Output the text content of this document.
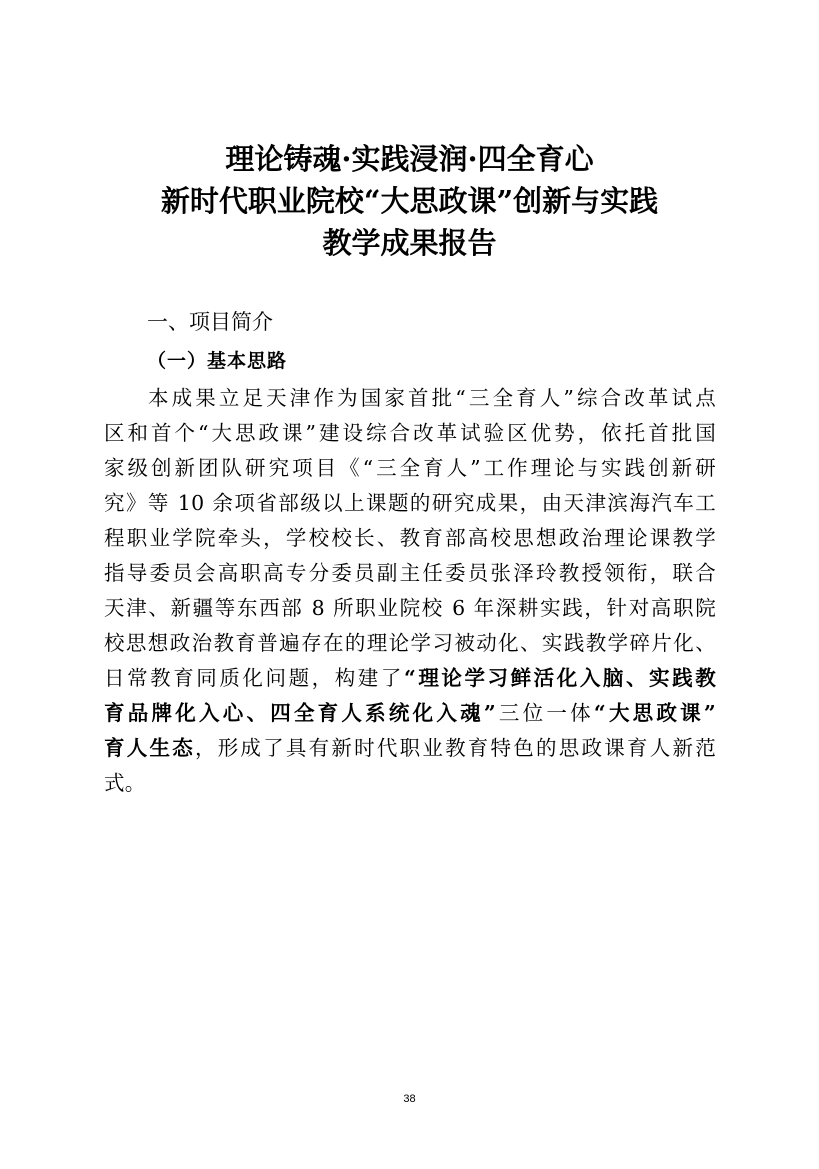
理论铸魂·实践浸润·四全育心
新时代职业院校“大思政课”创新与实践
教学成果报告
一、项目简介
（一）基本思路
本成果立足天津作为国家首批“三全育人”综合改革试点
区和首个“大思政课”建设综合改革试验区优势，依托首批国
家级创新团队研究项目《“三全育人”工作理论与实践创新研
究》等 10 余项省部级以上课题的研究成果，由天津滨海汽车工
程职业学院牵头，学校校长、教育部高校思想政治理论课教学
指导委员会高职高专分委员副主任委员张泽玲教授领衔，联合
天津、新疆等东西部 8 所职业院校 6 年深耕实践，针对高职院
校思想政治教育普遍存在的理论学习被动化、实践教学碎片化、
日常教育同质化问题，构建了“理论学习鲜活化入脑、实践教
育品牌化入心、四全育人系统化入魂”三位一体“大思政课”
育人生态，形成了具有新时代职业教育特色的思政课育人新范
式。
38
